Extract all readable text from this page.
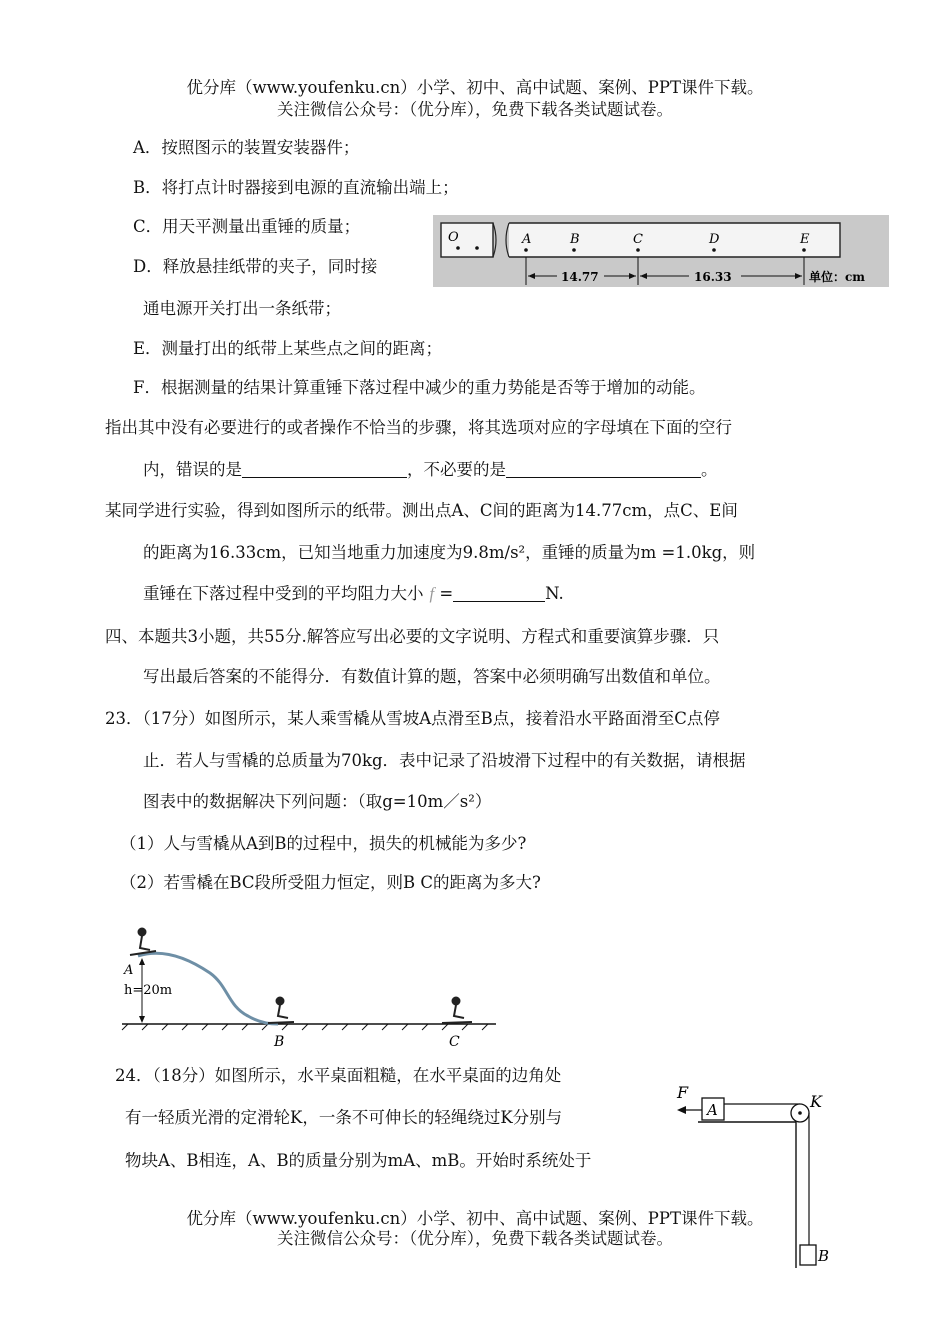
优分库（www.youfenku.cn）小学、初中、高中试题、案例、PPT课件下载。
关注微信公众号：（优分库），免费下载各类试题试卷。
A．按照图示的装置安装器件；
B．将打点计时器接到电源的直流输出端上；
C．用天平测量出重锤的质量；
D．释放悬挂纸带的夹子，同时接
通电源开关打出一条纸带；
E．测量打出的纸带上某些点之间的距离；
F．根据测量的结果计算重锤下落过程中减少的重力势能是否等于增加的动能。
O	A	B	C	D	E
14.77	16.33	单位：cm
指出其中没有必要进行的或者操作不恰当的步骤，将其选项对应的字母填在下面的空行
内，错误的是	，不必要的是	。
某同学进行实验，得到如图所示的纸带。测出点A、C间的距离为14.77cm，点C、E间
的距离为16.33cm，已知当地重力加速度为9.8m/s²，重锤的质量为m =1.0kg，则
重锤在下落过程中受到的平均阻力大小 f =	N.
四、本题共3小题，共55分.解答应写出必要的文字说明、方程式和重要演算步骤．只
写出最后答案的不能得分．有数值计算的题，答案中必须明确写出数值和单位。
23．（17分）如图所示，某人乘雪橇从雪坡A点滑至B点，接着沿水平路面滑至C点停
止．若人与雪橇的总质量为70kg．表中记录了沿坡滑下过程中的有关数据，请根据
图表中的数据解决下列问题：（取g=10m／s²）
（1）人与雪橇从A到B的过程中，损失的机械能为多少?
（2）若雪橇在BC段所受阻力恒定，则B C的距离为多大?
A
h=20m
B	C
24．（18分）如图所示，水平桌面粗糙，在水平桌面的边角处
有一轻质光滑的定滑轮K，一条不可伸长的轻绳绕过K分别与
物块A、B相连，A、B的质量分别为mA、mB。开始时系统处于
F
A	K
B
优分库（www.youfenku.cn）小学、初中、高中试题、案例、PPT课件下载。
关注微信公众号：（优分库），免费下载各类试题试卷。
